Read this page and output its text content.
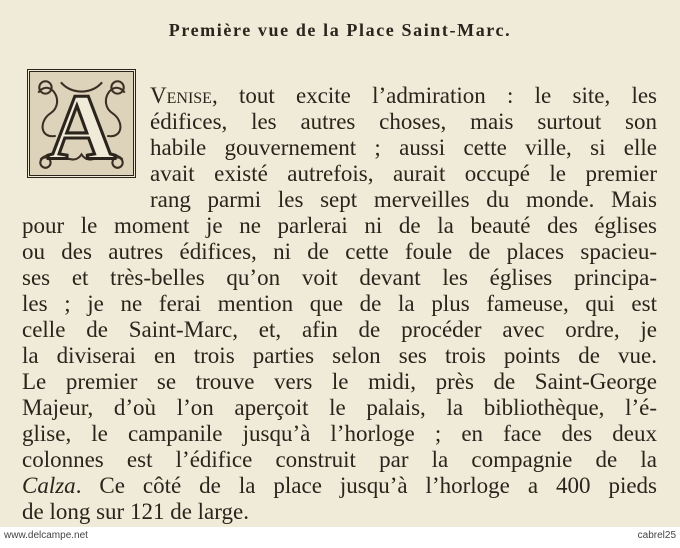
Première vue de la Place Saint-Marc.
A Venise, tout excite l’admiration : le site, les
édifices, les autres choses, mais surtout son
habile gouvernement ; aussi cette ville, si elle
avait existé autrefois, aurait occupé le premier
rang parmi les sept merveilles du monde. Mais
pour le moment je ne parlerai ni de la beauté des églises
ou des autres édifices, ni de cette foule de places spacieu-
ses et très-belles qu’on voit devant les églises principa-
les ; je ne ferai mention que de la plus fameuse, qui est
celle de Saint-Marc, et, afin de procéder avec ordre, je
la diviserai en trois parties selon ses trois points de vue.
Le premier se trouve vers le midi, près de Saint-George
Majeur, d’où l’on aperçoit le palais, la bibliothèque, l’é-
glise, le campanile jusqu’à l’horloge ; en face des deux
colonnes est l’édifice construit par la compagnie de la
Calza. Ce côté de la place jusqu’à l’horloge a 400 pieds
de long sur 121 de large.
www.delcampe.net	cabrel25
